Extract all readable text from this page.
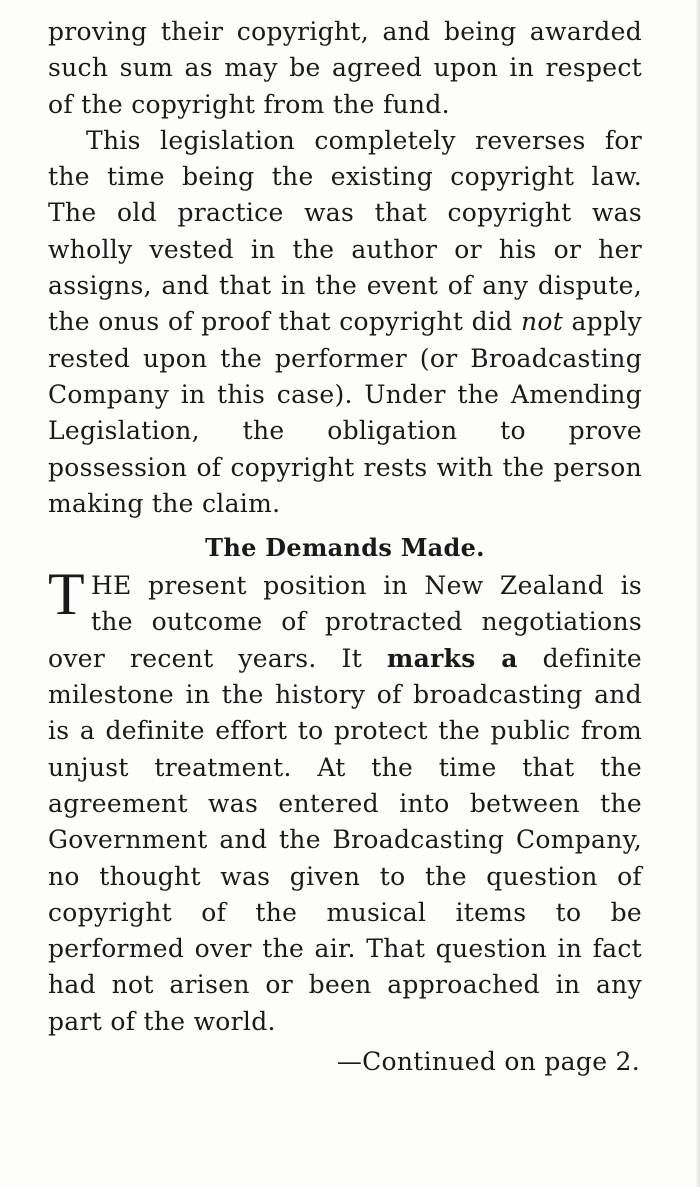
proving their copyright, and being awarded such sum as may be agreed upon in respect of the copyright from the fund.

This legislation completely reverses for the time being the existing copyright law. The old practice was that copyright was wholly vested in the author or his or her assigns, and that in the event of any dispute, the onus of proof that copyright did not apply rested upon the performer (or Broadcasting Company in this case). Under the Amending Legislation, the obligation to prove possession of copyright rests with the person making the claim.

The Demands Made.

THE present position in New Zealand is the outcome of protracted negotiations over recent years. It marks a definite milestone in the history of broadcasting and is a definite effort to protect the public from unjust treatment. At the time that the agreement was entered into between the Government and the Broadcasting Company, no thought was given to the question of copyright of the musical items to be performed over the air. That question in fact had not arisen or been approached in any part of the world.

—Continued on page 2.
